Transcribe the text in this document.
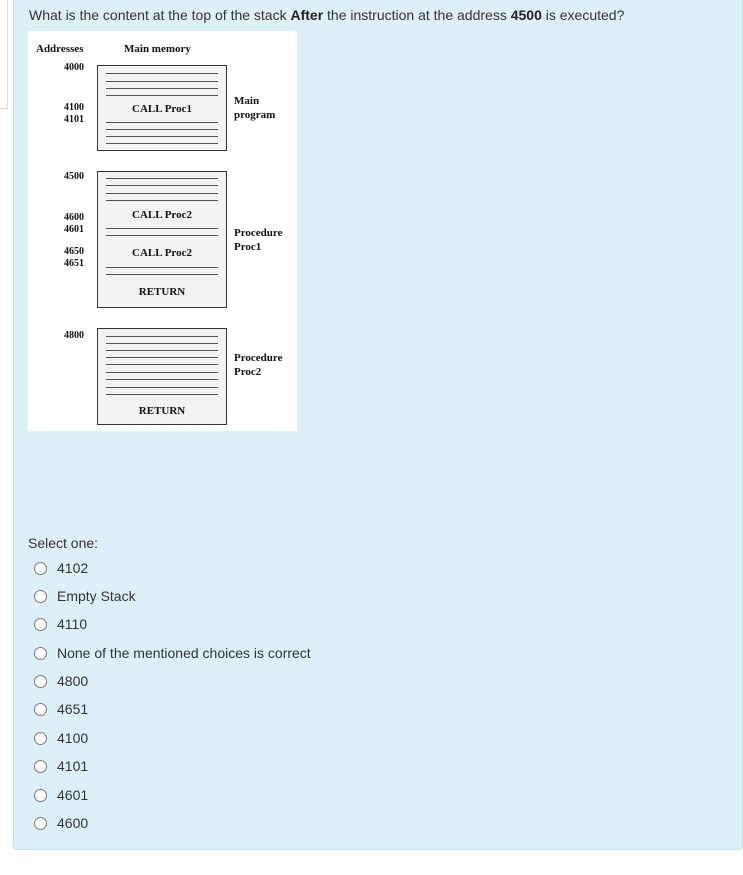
What is the content at the top of the stack After the instruction at the address 4500 is executed?
Addresses	Main memory
4000
4100
4101
4500
4600
4601
4650
4651
4800
CALL Proc1
Main
program
CALL Proc2
CALL Proc2
RETURN
Procedure
Proc1
RETURN
Procedure
Proc2
Select one:
4102
Empty Stack
4110
None of the mentioned choices is correct
4800
4651
4100
4101
4601
4600
